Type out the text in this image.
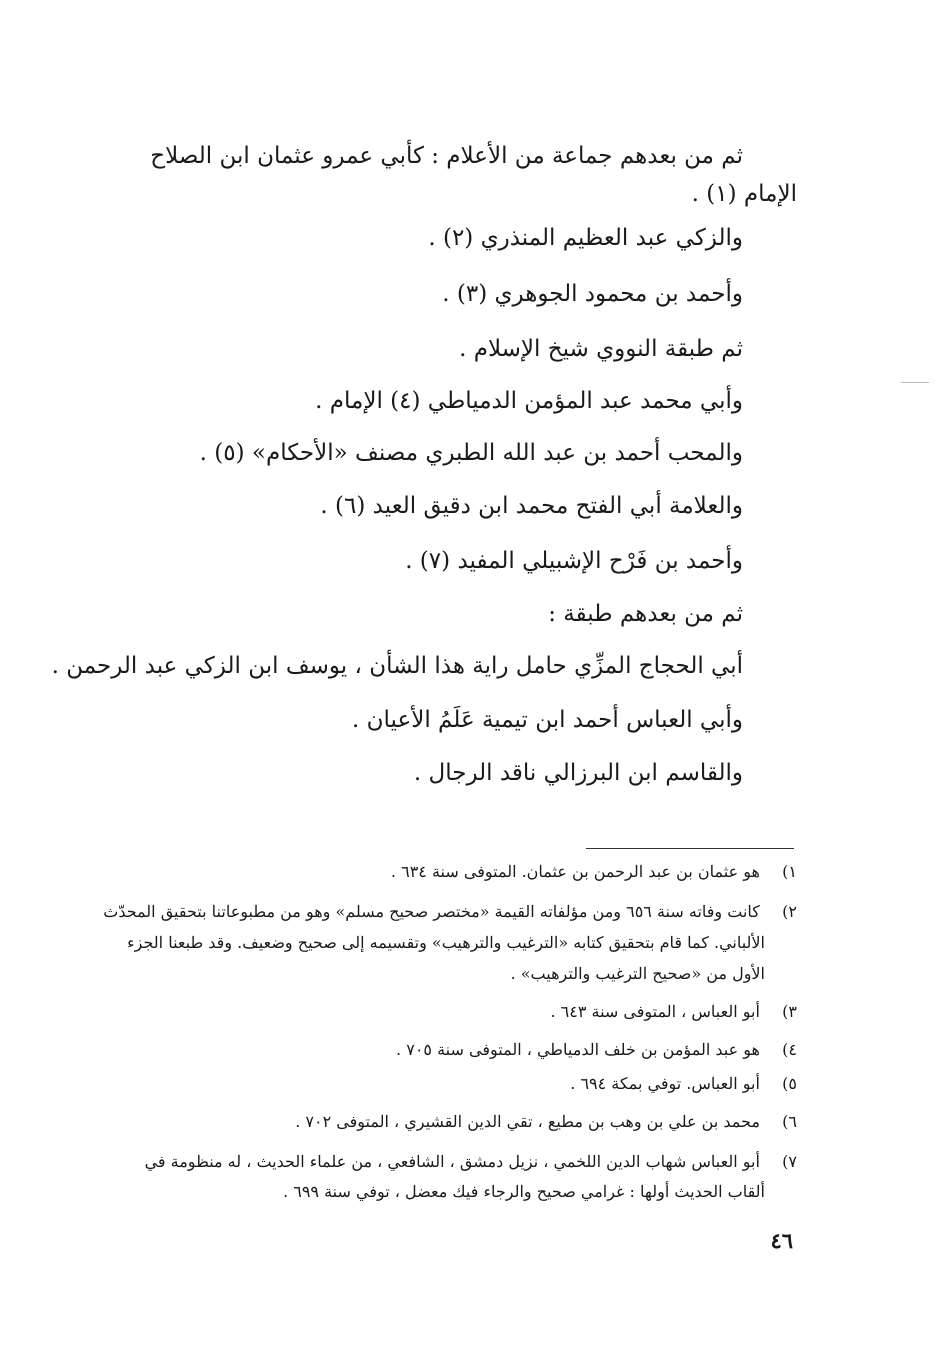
ثم من بعدهم جماعة من الأعلام : كأبي عمرو عثمان ابن الصلاح
الإمام (١) .
والزكي عبد العظيم المنذري (٢) .
وأحمد بن محمود الجوهري (٣) .
ثم طبقة النووي شيخ الإسلام .
وأبي محمد عبد المؤمن الدمياطي (٤) الإمام .
والمحب أحمد بن عبد الله الطبري مصنف «الأحكام» (٥) .
والعلامة أبي الفتح محمد ابن دقيق العيد (٦) .
وأحمد بن فَرْح الإشبيلي المفيد (٧) .
ثم من بعدهم طبقة :
أبي الحجاج المزِّي حامل راية هذا الشأن ، يوسف ابن الزكي عبد الرحمن .
وأبي العباس أحمد ابن تيمية عَلَمُ الأعيان .
والقاسم ابن البرزالي ناقد الرجال .
١) هو عثمان بن عبد الرحمن بن عثمان. المتوفى سنة ٦٣٤ .
٢) كانت وفاته سنة ٦٥٦ ومن مؤلفاته القيمة «مختصر صحيح مسلم» وهو من مطبوعاتنا بتحقيق المحدّث
الألباني. كما قام بتحقيق كتابه «الترغيب والترهيب» وتقسيمه إلى صحيح وضعيف. وقد طبعنا الجزء
الأول من «صحيح الترغيب والترهيب» .
٣) أبو العباس ، المتوفى سنة ٦٤٣ .
٤) هو عبد المؤمن بن خلف الدمياطي ، المتوفى سنة ٧٠٥ .
٥) أبو العباس. توفي بمكة ٦٩٤ .
٦) محمد بن علي بن وهب بن مطيع ، تقي الدين القشيري ، المتوفى ٧٠٢ .
٧) أبو العباس شهاب الدين اللخمي ، نزيل دمشق ، الشافعي ، من علماء الحديث ، له منظومة في
ألقاب الحديث أولها : غرامي صحيح والرجاء فيك معضل ، توفي سنة ٦٩٩ .
٤٦
